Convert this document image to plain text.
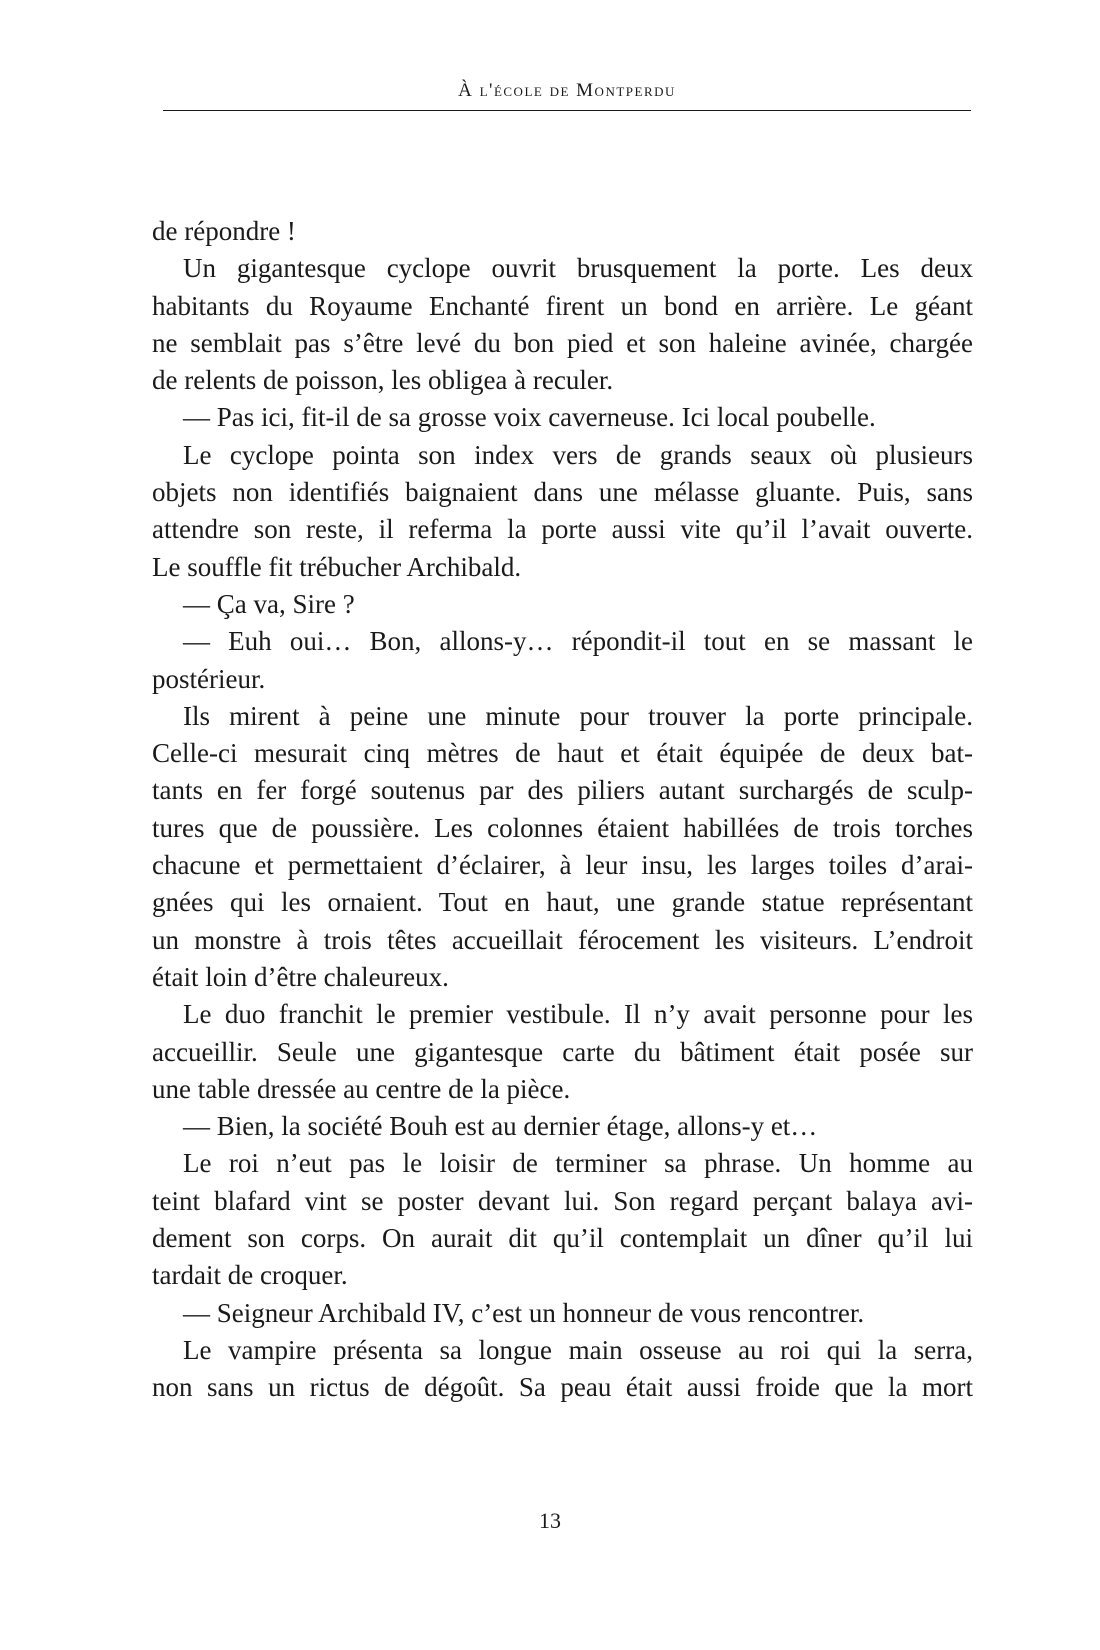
À l'école de Montperdu
de répondre !
Un gigantesque cyclope ouvrit brusquement la porte. Les deux
habitants du Royaume Enchanté firent un bond en arrière. Le géant
ne semblait pas s’être levé du bon pied et son haleine avinée, chargée
de relents de poisson, les obligea à reculer.
— Pas ici, fit-il de sa grosse voix caverneuse. Ici local poubelle.
Le cyclope pointa son index vers de grands seaux où plusieurs
objets non identifiés baignaient dans une mélasse gluante. Puis, sans
attendre son reste, il referma la porte aussi vite qu’il l’avait ouverte.
Le souffle fit trébucher Archibald.
— Ça va, Sire ?
— Euh oui… Bon, allons-y… répondit-il tout en se massant le
postérieur.
Ils mirent à peine une minute pour trouver la porte principale.
Celle-ci mesurait cinq mètres de haut et était équipée de deux bat-
tants en fer forgé soutenus par des piliers autant surchargés de sculp-
tures que de poussière. Les colonnes étaient habillées de trois torches
chacune et permettaient d’éclairer, à leur insu, les larges toiles d’arai-
gnées qui les ornaient. Tout en haut, une grande statue représentant
un monstre à trois têtes accueillait férocement les visiteurs. L’endroit
était loin d’être chaleureux.
Le duo franchit le premier vestibule. Il n’y avait personne pour les
accueillir. Seule une gigantesque carte du bâtiment était posée sur
une table dressée au centre de la pièce.
— Bien, la société Bouh est au dernier étage, allons-y et…
Le roi n’eut pas le loisir de terminer sa phrase. Un homme au
teint blafard vint se poster devant lui. Son regard perçant balaya avi-
dement son corps. On aurait dit qu’il contemplait un dîner qu’il lui
tardait de croquer.
— Seigneur Archibald IV, c’est un honneur de vous rencontrer.
Le vampire présenta sa longue main osseuse au roi qui la serra,
non sans un rictus de dégoût. Sa peau était aussi froide que la mort
13
